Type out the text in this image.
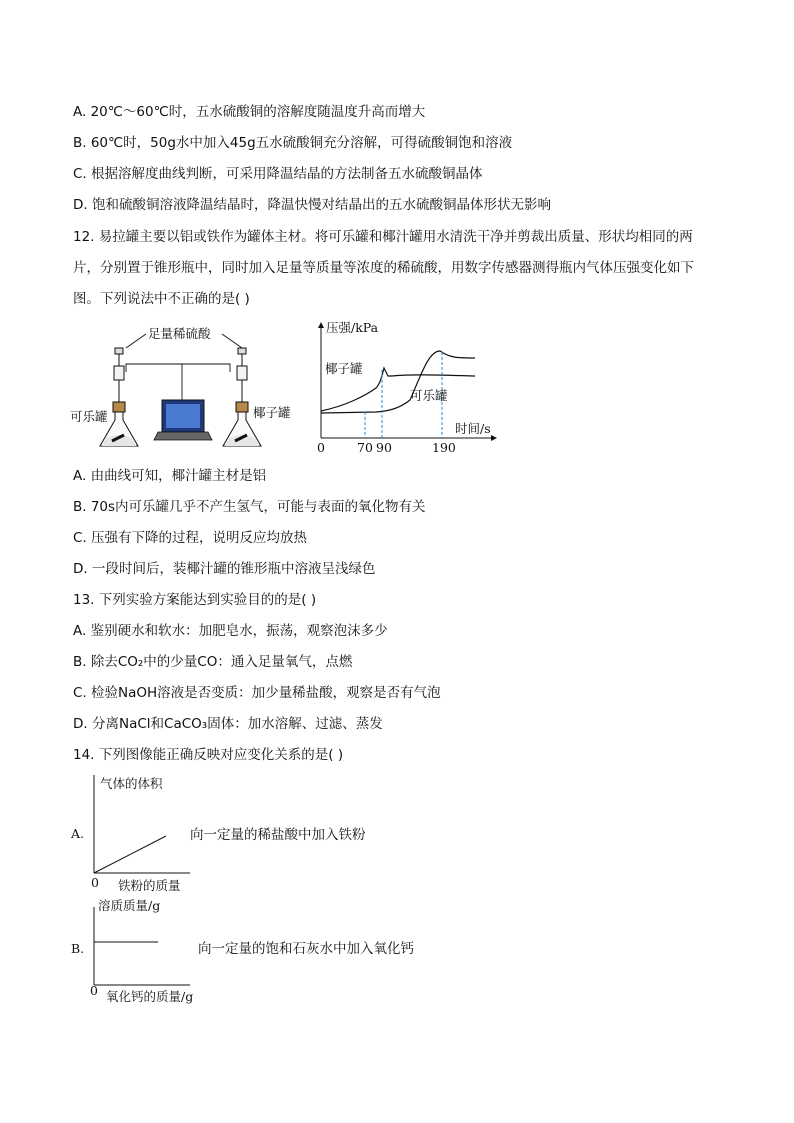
A. 20℃～60℃时，五水硫酸铜的溶解度随温度升高而增大
B. 60℃时，50g水中加入45g五水硫酸铜充分溶解，可得硫酸铜饱和溶液
C. 根据溶解度曲线判断，可采用降温结晶的方法制备五水硫酸铜晶体
D. 饱和硫酸铜溶液降温结晶时，降温快慢对结晶出的五水硫酸铜晶体形状无影响
12. 易拉罐主要以铝或铁作为罐体主材。将可乐罐和椰汁罐用水清洗干净并剪裁出质量、形状均相同的两
片，分别置于锥形瓶中，同时加入足量等质量等浓度的稀硫酸，用数字传感器测得瓶内气体压强变化如下
图。下列说法中不正确的是( )
足量稀硫酸
可乐罐	椰子罐
压强/kPa
时间/s
0	70 90	190
椰子罐
可乐罐
A. 由曲线可知，椰汁罐主材是铝
B. 70s内可乐罐几乎不产生氢气，可能与表面的氧化物有关
C. 压强有下降的过程，说明反应均放热
D. 一段时间后，装椰汁罐的锥形瓶中溶液呈浅绿色
13. 下列实验方案能达到实验目的的是( )
A. 鉴别硬水和软水：加肥皂水，振荡，观察泡沫多少
B. 除去CO₂中的少量CO：通入足量氧气，点燃
C. 检验NaOH溶液是否变质：加少量稀盐酸，观察是否有气泡
D. 分离NaCl和CaCO₃固体：加水溶解、过滤、蒸发
14. 下列图像能正确反映对应变化关系的是( )
A.
0
气体的体积
铁粉的质量
向一定量的稀盐酸中加入铁粉
B.
0
溶质质量/g
氧化钙的质量/g
向一定量的饱和石灰水中加入氧化钙
